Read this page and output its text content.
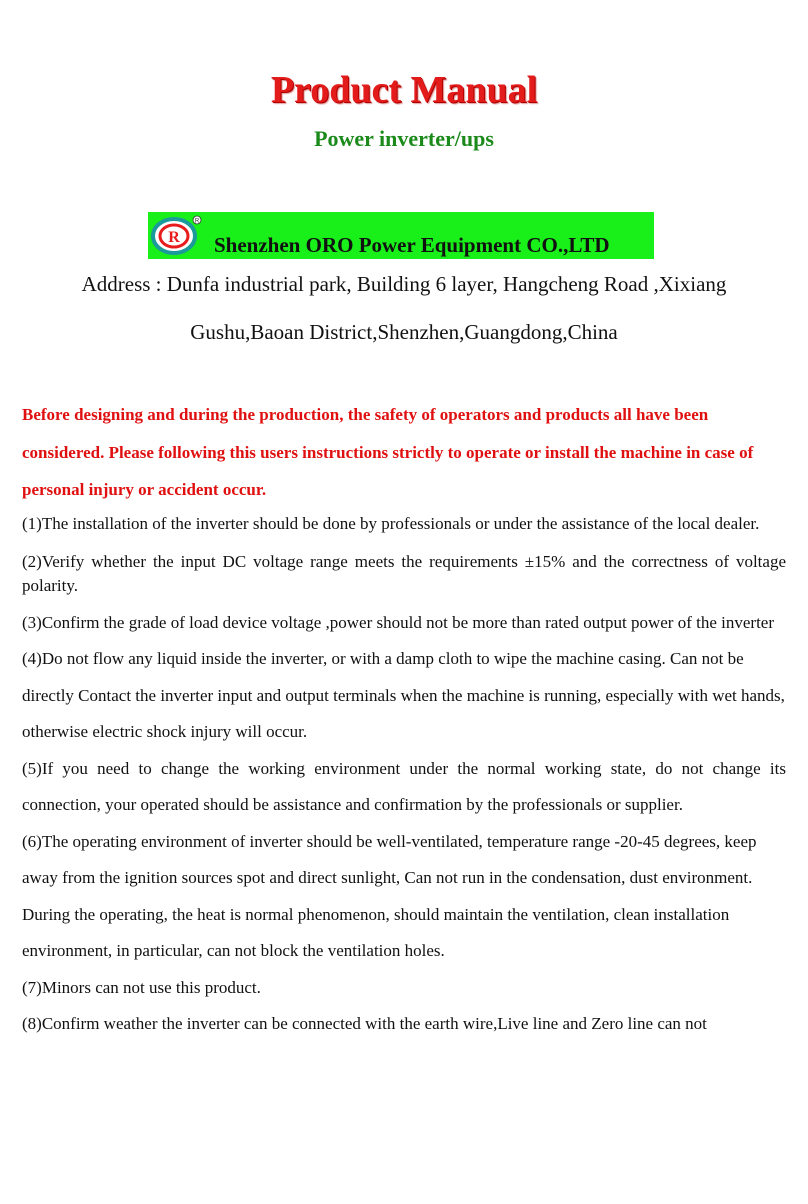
Product Manual
Power inverter/ups
R
R
Shenzhen ORO Power Equipment CO.,LTD
Address : Dunfa industrial park, Building 6 layer, Hangcheng Road ,Xixiang
Gushu,Baoan District,Shenzhen,Guangdong,China
Before designing and during the production, the safety of operators and products all have been considered. Please following this users instructions strictly to operate or install the machine in case of personal injury or accident occur.

(1)The installation of the inverter should be done by professionals or under the assistance of the local dealer.

(2)Verify whether the input DC voltage range meets the requirements ±15% and the correctness of voltage polarity.

(3)Confirm the grade of load device voltage ,power should not be more than rated output power of the inverter

(4)Do not flow any liquid inside the inverter, or with a damp cloth to wipe the machine casing. Can not be directly Contact the inverter input and output terminals when the machine is running, especially with wet hands, otherwise electric shock injury will occur.

(5)If you need to change the working environment under the normal working state, do not change its connection, your operated should be assistance and confirmation by the professionals or supplier.

(6)The operating environment of inverter should be well-ventilated, temperature range -20-45 degrees, keep away from the ignition sources spot and direct sunlight, Can not run in the condensation, dust environment. During the operating, the heat is normal phenomenon, should maintain the ventilation, clean installation environment, in particular, can not block the ventilation holes.

(7)Minors can not use this product.

(8)Confirm weather the inverter can be connected with the earth wire,Live line and Zero line can not
